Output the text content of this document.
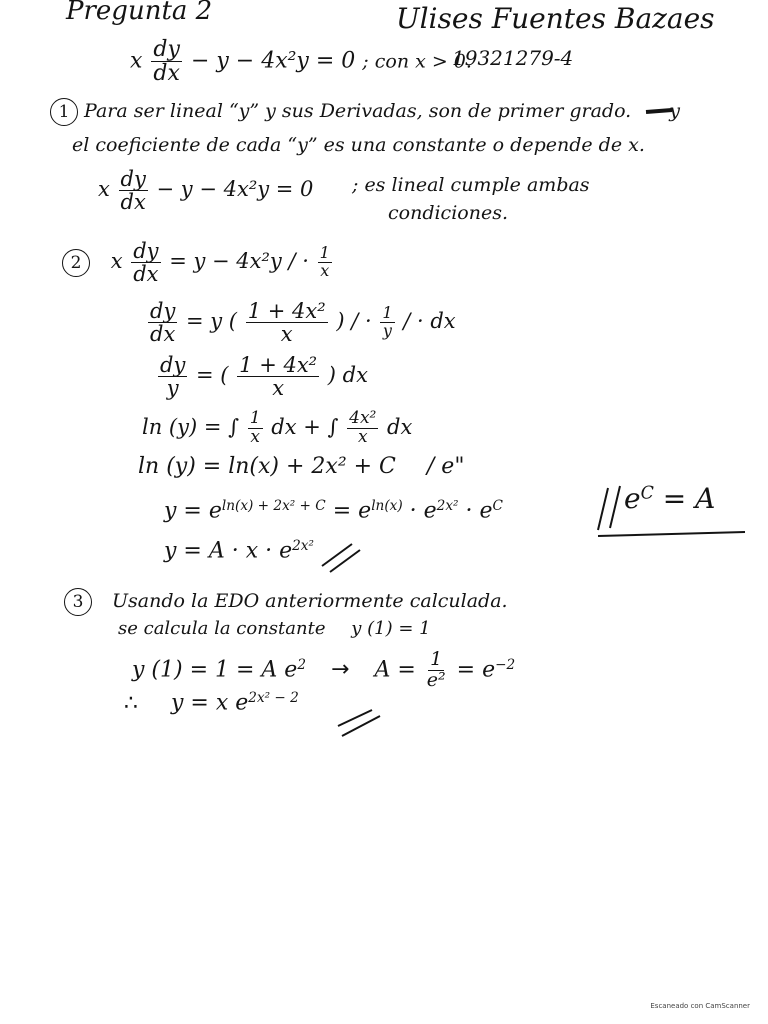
Pregunta 2	Ulises Fuentes Bazaes
x $\frac{dy}{dx} - y - 4x^2y = 0$ ; con x > 0.
19321279-4
1 Para ser lineal “y” y sus Derivadas, son de primer grado. y
el coeficiente de cada “y” es una constante o depende de x.
x $\frac{dy}{dx} - y - 4x^2y = 0$ ; es lineal cumple ambas
condiciones.
2 x $\frac{dy}{dx} = y - 4x^2y$ / · $\frac{1}{x}$
$\frac{dy}{dx} = y$ ( $\frac{\text{1 + 4x²}}{x}$ ) / · $\frac{1}{y}$ / · dx
$\frac{dy}{y}$ = ( $\frac{\text{1 + 4x²}}{x}$ ) dx
ln (y) = ∫ $\frac{1}{x}$ dx + ∫ $\frac{\text{4x²}}{x}$ dx
ln (y) = ln(x) + 2x² + C / e"
$y = e^{ln(x) + 2x^2 + C} = e^{ln(x)} \cdot e^{2x^2} \cdot e^C$	$e^C = A$
$y = A \cdot x \cdot e^{2x^2}$
3 Usando la EDO anteriormente calculada.
se calcula la constante y (1) = 1
y (1) = 1 = A $e^2 \to A = \frac{1}{\text{e²}} = e^{-2}$
∴ y = x $e^{2x^2 - 2}$
Escaneado con CamScanner
